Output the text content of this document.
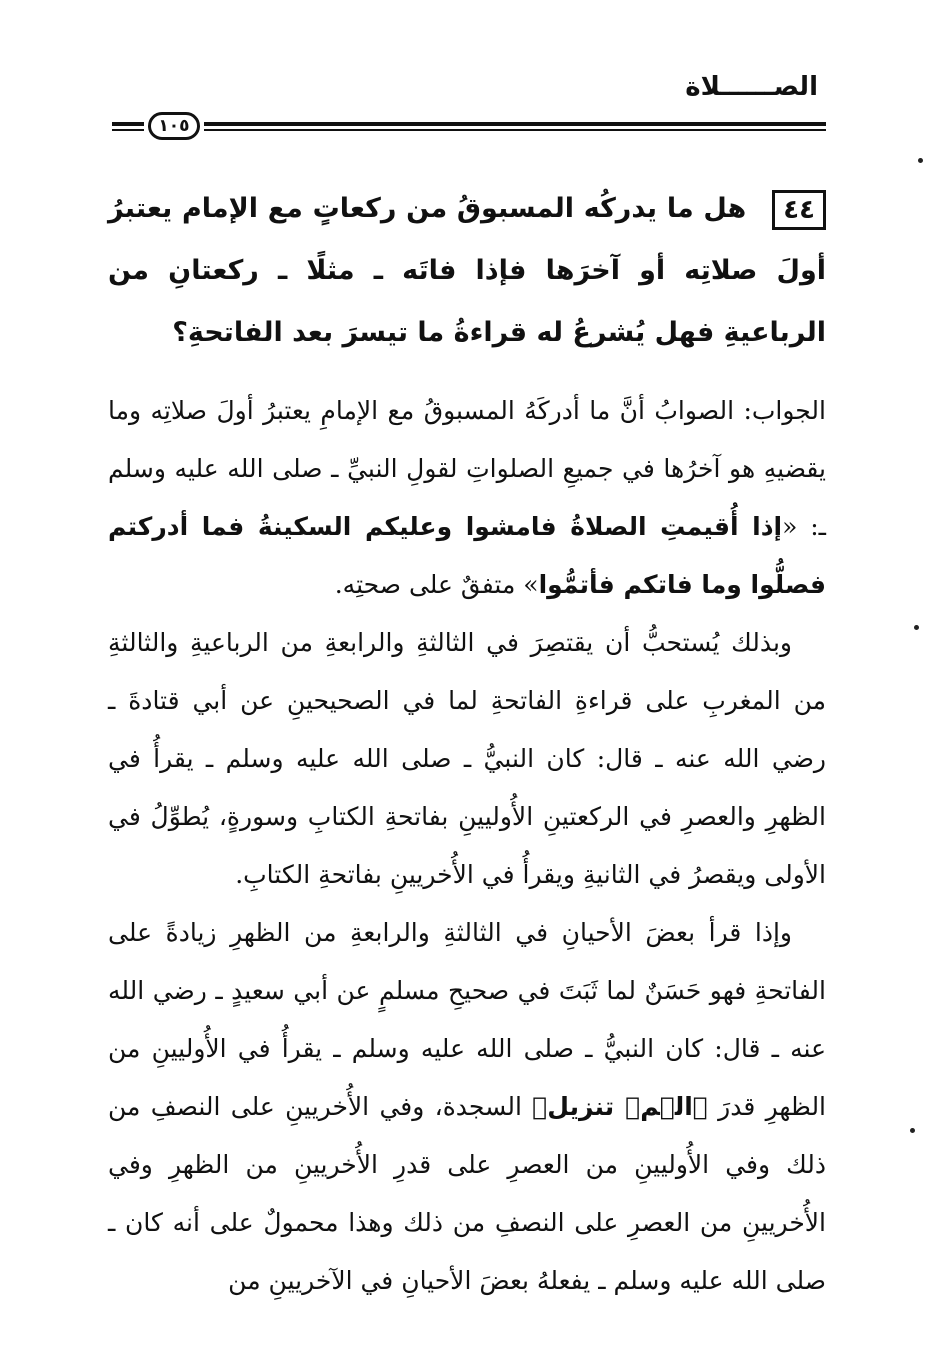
الصــــــلاة
١٠٥
٤٤هل ما يدركُه المسبوقُ من ركعاتٍ مع الإمام يعتبرُ أولَ صلاتِه أو آخرَها فإذا فاتَه ـ مثلًا ـ ركعتانِ من الرباعيةِ فهل يُشرعُ له قراءةُ ما تيسرَ بعد الفاتحةِ؟

الجواب: الصوابُ أنَّ ما أدركَهُ المسبوقُ مع الإمامِ يعتبرُ أولَ صلاتِه وما يقضيهِ هو آخرُها في جميعِ الصلواتِ لقولِ النبيِّ ـ صلى الله عليه وسلم ـ: «إذا أُقيمتِ الصلاةُ فامشوا وعليكم السكينةُ فما أدركتم فصلُّوا وما فاتكم فأتمُّوا» متفقٌ على صحتِه.

وبذلك يُستحبُّ أن يقتصِرَ في الثالثةِ والرابعةِ من الرباعيةِ والثالثةِ من المغربِ على قراءةِ الفاتحةِ لما في الصحيحينِ عن أبي قتادةَ ـ رضي الله عنه ـ قال: كان النبيُّ ـ صلى الله عليه وسلم ـ يقرأُ في الظهرِ والعصرِ في الركعتينِ الأُوليينِ بفاتحةِ الكتابِ وسورةٍ، يُطوِّلُ في الأولى ويقصرُ في الثانيةِ ويقرأُ في الأُخريينِ بفاتحةِ الكتابِ.

وإذا قرأ بعضَ الأحيانِ في الثالثةِ والرابعةِ من الظهرِ زيادةً على الفاتحةِ فهو حَسَنٌ لما ثَبَتَ في صحيحِ مسلمٍ عن أبي سعيدٍ ـ رضي الله عنه ـ قال: كان النبيُّ ـ صلى الله عليه وسلم ـ يقرأُ في الأُوليينِ من الظهرِ قدرَ ﴿الۤمۤ تنزيل﴾ السجدة، وفي الأُخريينِ على النصفِ من ذلك وفي الأُوليينِ من العصرِ على قدرِ الأُخريينِ من الظهرِ وفي الأُخريينِ من العصرِ على النصفِ من ذلك وهذا محمولٌ على أنه كان ـ صلى الله عليه وسلم ـ يفعلهُ بعضَ الأحيانِ في الآخريينِ من
